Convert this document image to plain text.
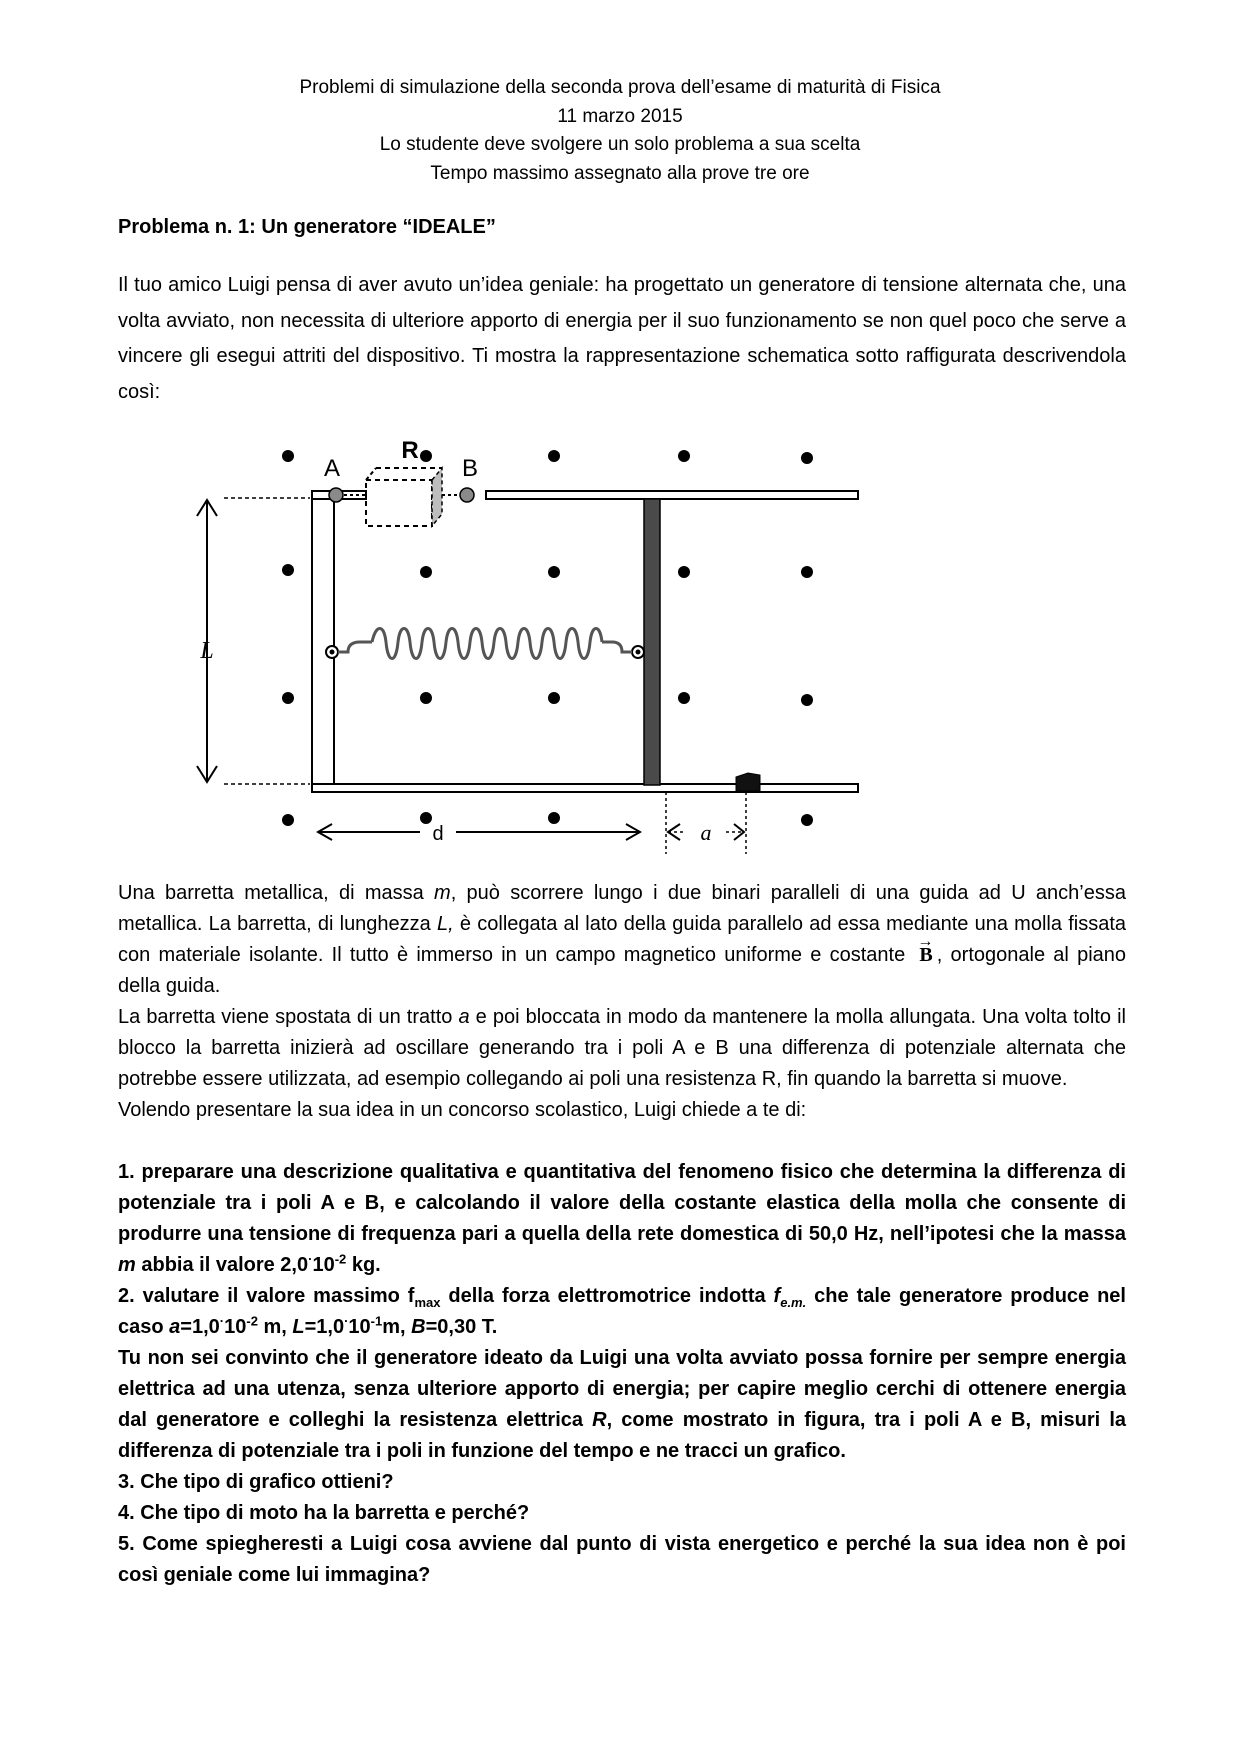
Problemi di simulazione della seconda prova dell’esame di maturità di Fisica
11 marzo 2015
Lo studente deve svolgere un solo problema a sua scelta
Tempo massimo assegnato alla prove tre ore
Problema n. 1: Un generatore “IDEALE”

Il tuo amico Luigi pensa di aver avuto un’idea geniale: ha progettato un generatore di tensione alternata che, una volta avviato, non necessita di ulteriore apporto di energia per il suo funzionamento se non quel poco che serve a vincere gli esegui attriti del dispositivo. Ti mostra la rappresentazione schematica sotto raffigurata descrivendola così:

R
A	B
L
d	a

Una barretta metallica, di massa m, può scorrere lungo i due binari paralleli di una guida ad U anch’essa metallica. La barretta, di lunghezza L, è collegata al lato della guida parallelo ad essa mediante una molla fissata con materiale isolante. Il tutto è immerso in un campo magnetico uniforme e costante → B , ortogonale al piano della guida.

La barretta viene spostata di un tratto a e poi bloccata in modo da mantenere la molla allungata. Una volta tolto il blocco la barretta inizierà ad oscillare generando tra i poli A e B una differenza di potenziale alternata che potrebbe essere utilizzata, ad esempio collegando ai poli una resistenza R, fin quando la barretta si muove.

Volendo presentare la sua idea in un concorso scolastico, Luigi chiede a te di:

1. preparare una descrizione qualitativa e quantitativa del fenomeno fisico che determina la differenza di potenziale tra i poli A e B, e calcolando il valore della costante elastica della molla che consente di produrre una tensione di frequenza pari a quella della rete domestica di 50,0 Hz, nell’ipotesi che la massa m abbia il valore $2,0^\cdot 10^{-2}$ kg.

2. valutare il valore massimo $f_{max}$ della forza elettromotrice indotta $f_{e.m.}$ che tale generatore produce nel caso $a=1,0^\cdot 10^{-2}$ m, $L=1,0^\cdot 10^{-1}m$, B=0,30 T.

Tu non sei convinto che il generatore ideato da Luigi una volta avviato possa fornire per sempre energia elettrica ad una utenza, senza ulteriore apporto di energia; per capire meglio cerchi di ottenere energia dal generatore e colleghi la resistenza elettrica R, come mostrato in figura, tra i poli A e B, misuri la differenza di potenziale tra i poli in funzione del tempo e ne tracci un grafico.

3. Che tipo di grafico ottieni?

4. Che tipo di moto ha la barretta e perché?

5. Come spiegheresti a Luigi cosa avviene dal punto di vista energetico e perché la sua idea non è poi così geniale come lui immagina?
